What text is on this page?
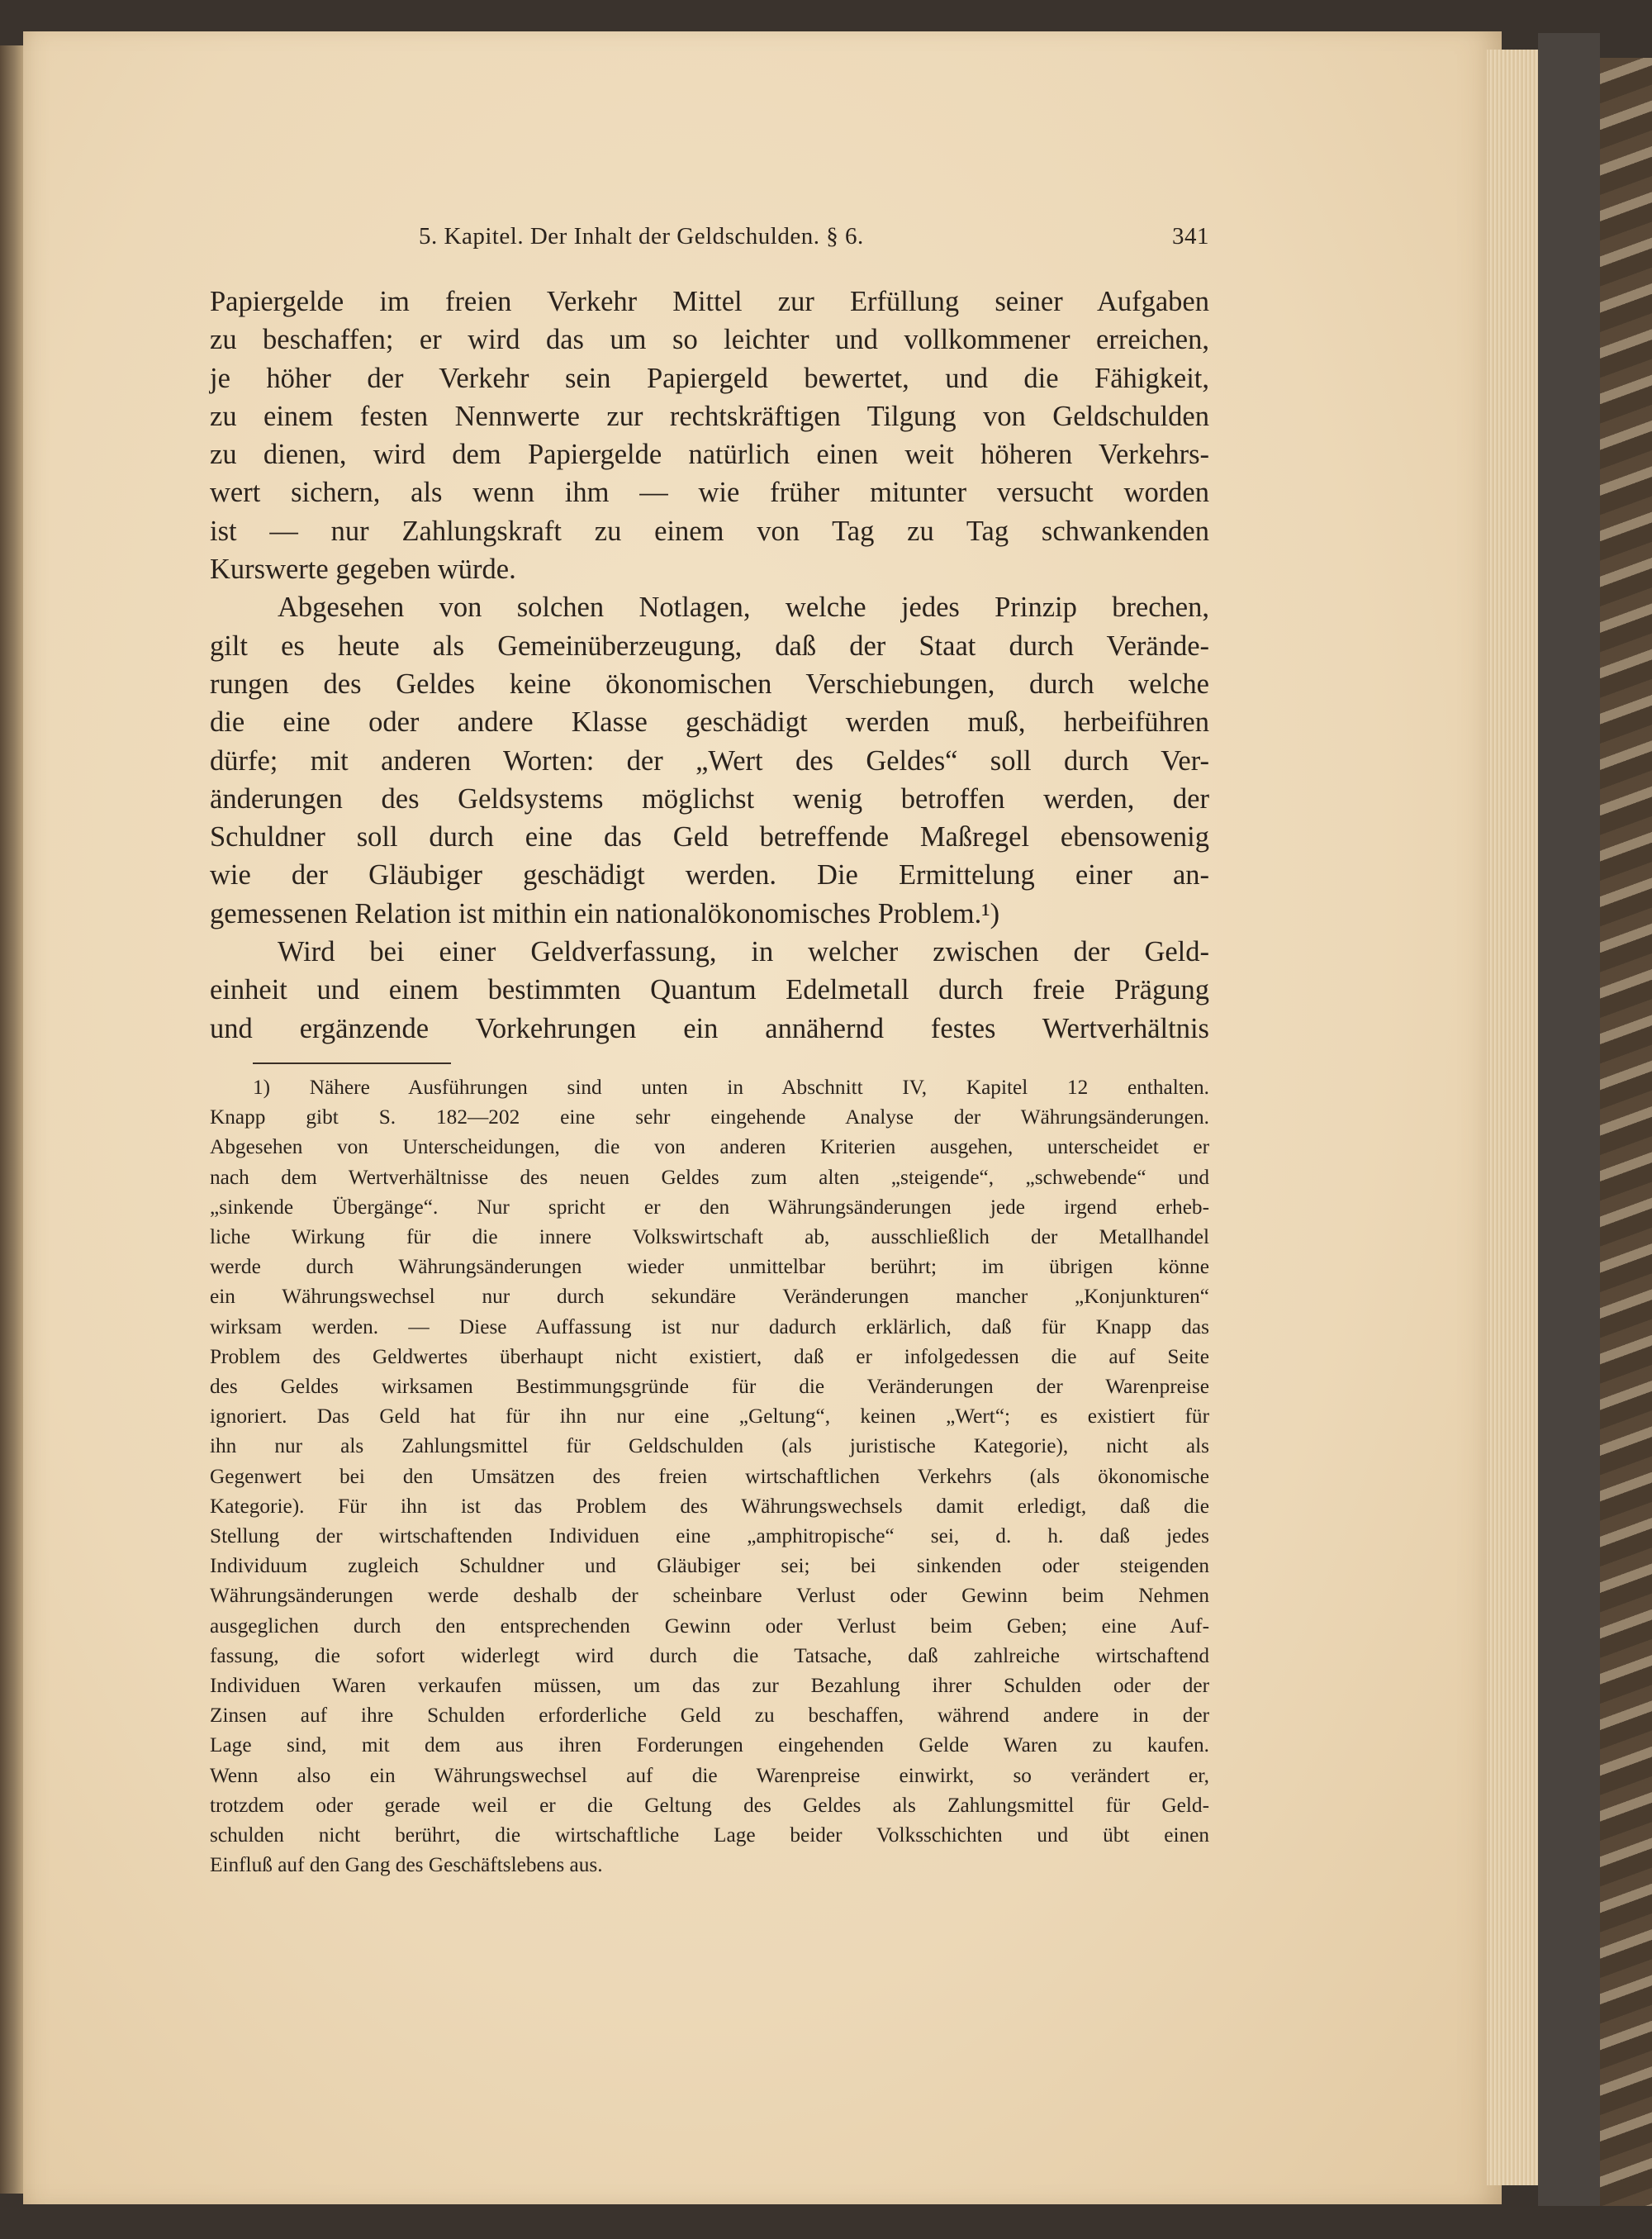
5. Kapitel. Der Inhalt der Geldschulden. § 6.	341
Papiergelde im freien Verkehr Mittel zur Erfüllung seiner Aufgaben
zu beschaffen; er wird das um so leichter und vollkommener erreichen,
je höher der Verkehr sein Papiergeld bewertet, und die Fähigkeit,
zu einem festen Nennwerte zur rechtskräftigen Tilgung von Geldschulden
zu dienen, wird dem Papiergelde natürlich einen weit höheren Verkehrs-
wert sichern, als wenn ihm — wie früher mitunter versucht worden
ist — nur Zahlungskraft zu einem von Tag zu Tag schwankenden
Kurswerte gegeben würde.
Abgesehen von solchen Notlagen, welche jedes Prinzip brechen,
gilt es heute als Gemeinüberzeugung, daß der Staat durch Verände-
rungen des Geldes keine ökonomischen Verschiebungen, durch welche
die eine oder andere Klasse geschädigt werden muß, herbeiführen
dürfe; mit anderen Worten: der „Wert des Geldes“ soll durch Ver-
änderungen des Geldsystems möglichst wenig betroffen werden, der
Schuldner soll durch eine das Geld betreffende Maßregel ebensowenig
wie der Gläubiger geschädigt werden. Die Ermittelung einer an-
gemessenen Relation ist mithin ein nationalökonomisches Problem.¹)
Wird bei einer Geldverfassung, in welcher zwischen der Geld-
einheit und einem bestimmten Quantum Edelmetall durch freie Prägung
und ergänzende Vorkehrungen ein annähernd festes Wertverhältnis
1) Nähere Ausführungen sind unten in Abschnitt IV, Kapitel 12 enthalten.
Knapp gibt S. 182—202 eine sehr eingehende Analyse der Währungsänderungen.
Abgesehen von Unterscheidungen, die von anderen Kriterien ausgehen, unterscheidet er
nach dem Wertverhältnisse des neuen Geldes zum alten „steigende“, „schwebende“ und
„sinkende Übergänge“. Nur spricht er den Währungsänderungen jede irgend erheb-
liche Wirkung für die innere Volkswirtschaft ab, ausschließlich der Metallhandel
werde durch Währungsänderungen wieder unmittelbar berührt; im übrigen könne
ein Währungswechsel nur durch sekundäre Veränderungen mancher „Konjunkturen“
wirksam werden. — Diese Auffassung ist nur dadurch erklärlich, daß für Knapp das
Problem des Geldwertes überhaupt nicht existiert, daß er infolgedessen die auf Seite
des Geldes wirksamen Bestimmungsgründe für die Veränderungen der Warenpreise
ignoriert. Das Geld hat für ihn nur eine „Geltung“, keinen „Wert“; es existiert für
ihn nur als Zahlungsmittel für Geldschulden (als juristische Kategorie), nicht als
Gegenwert bei den Umsätzen des freien wirtschaftlichen Verkehrs (als ökonomische
Kategorie). Für ihn ist das Problem des Währungswechsels damit erledigt, daß die
Stellung der wirtschaftenden Individuen eine „amphitropische“ sei, d. h. daß jedes
Individuum zugleich Schuldner und Gläubiger sei; bei sinkenden oder steigenden
Währungsänderungen werde deshalb der scheinbare Verlust oder Gewinn beim Nehmen
ausgeglichen durch den entsprechenden Gewinn oder Verlust beim Geben; eine Auf-
fassung, die sofort widerlegt wird durch die Tatsache, daß zahlreiche wirtschaftend
Individuen Waren verkaufen müssen, um das zur Bezahlung ihrer Schulden oder der
Zinsen auf ihre Schulden erforderliche Geld zu beschaffen, während andere in der
Lage sind, mit dem aus ihren Forderungen eingehenden Gelde Waren zu kaufen.
Wenn also ein Währungswechsel auf die Warenpreise einwirkt, so verändert er,
trotzdem oder gerade weil er die Geltung des Geldes als Zahlungsmittel für Geld-
schulden nicht berührt, die wirtschaftliche Lage beider Volksschichten und übt einen
Einfluß auf den Gang des Geschäftslebens aus.
